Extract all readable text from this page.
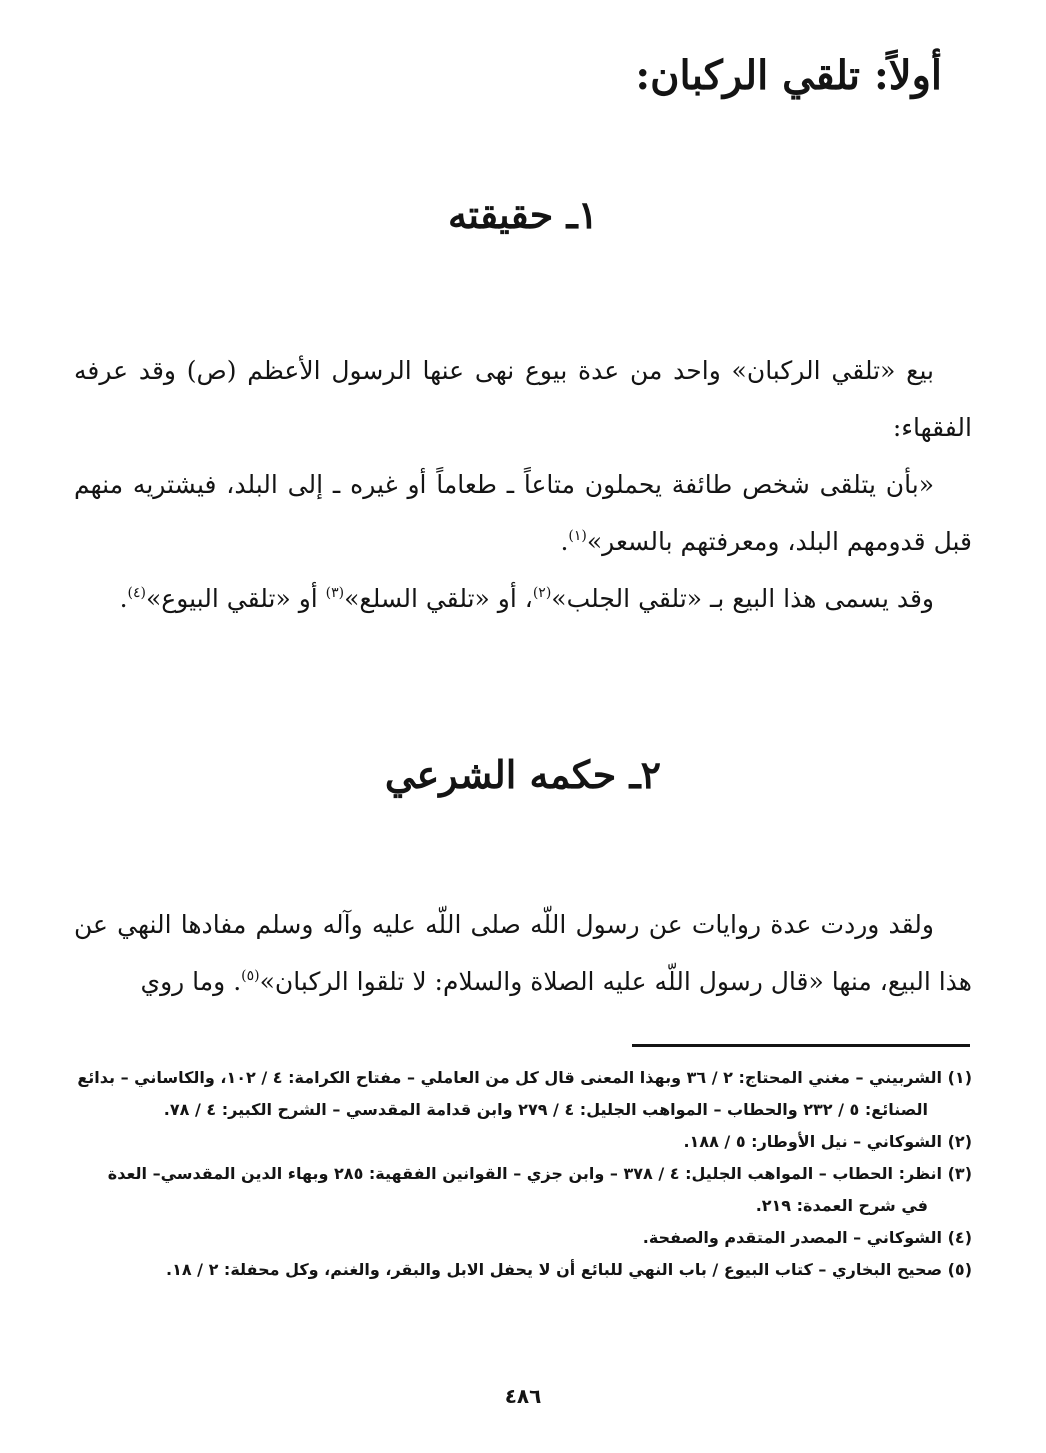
أولاً: تلقي الركبان:
١ـ حقيقته

بيع «تلقي الركبان» واحد من عدة بيوع نهى عنها الرسول الأعظم (ص) وقد عرفه الفقهاء:

«بأن يتلقى شخص طائفة يحملون متاعاً ـ طعاماً أو غيره ـ إلى البلد، فيشتريه منهم قبل قدومهم البلد، ومعرفتهم بالسعر»$^{(١)}$.

وقد يسمى هذا البيع بـ «تلقي الجلب»$^{(٢)}$، أو «تلقي السلع»$^{(٣)}$ أو «تلقي البيوع»$^{(٤)}$.

٢ـ حكمه الشرعي

ولقد وردت عدة روايات عن رسول اللّه صلى اللّه عليه وآله وسلم مفادها النهي عن هذا البيع، منها «قال رسول اللّه عليه الصلاة والسلام: لا تلقوا الركبان»$^{(٥)}$. وما روي

(١) الشربيني – مغني المحتاج: ٢ / ٣٦ وبهذا المعنى قال كل من العاملي – مفتاح الكرامة: ٤ / ١٠٢، والكاساني – بدائع الصنائع: ٥ / ٢٣٢ والحطاب – المواهب الجليل: ٤ / ٢٧٩ وابن قدامة المقدسي – الشرح الكبير: ٤ / ٧٨.
(٢) الشوكاني – نيل الأوطار: ٥ / ١٨٨.
(٣) انظر: الحطاب – المواهب الجليل: ٤ / ٣٧٨ – وابن جزي – القوانين الفقهية: ٢٨٥ وبهاء الدين المقدسي– العدة في شرح العمدة: ٢١٩.
(٤) الشوكاني – المصدر المتقدم والصفحة.
(٥) صحيح البخاري – كتاب البيوع / باب النهي للبائع أن لا يحفل الابل والبقر، والغنم، وكل محفلة: ٢ / ١٨.
٤٨٦
